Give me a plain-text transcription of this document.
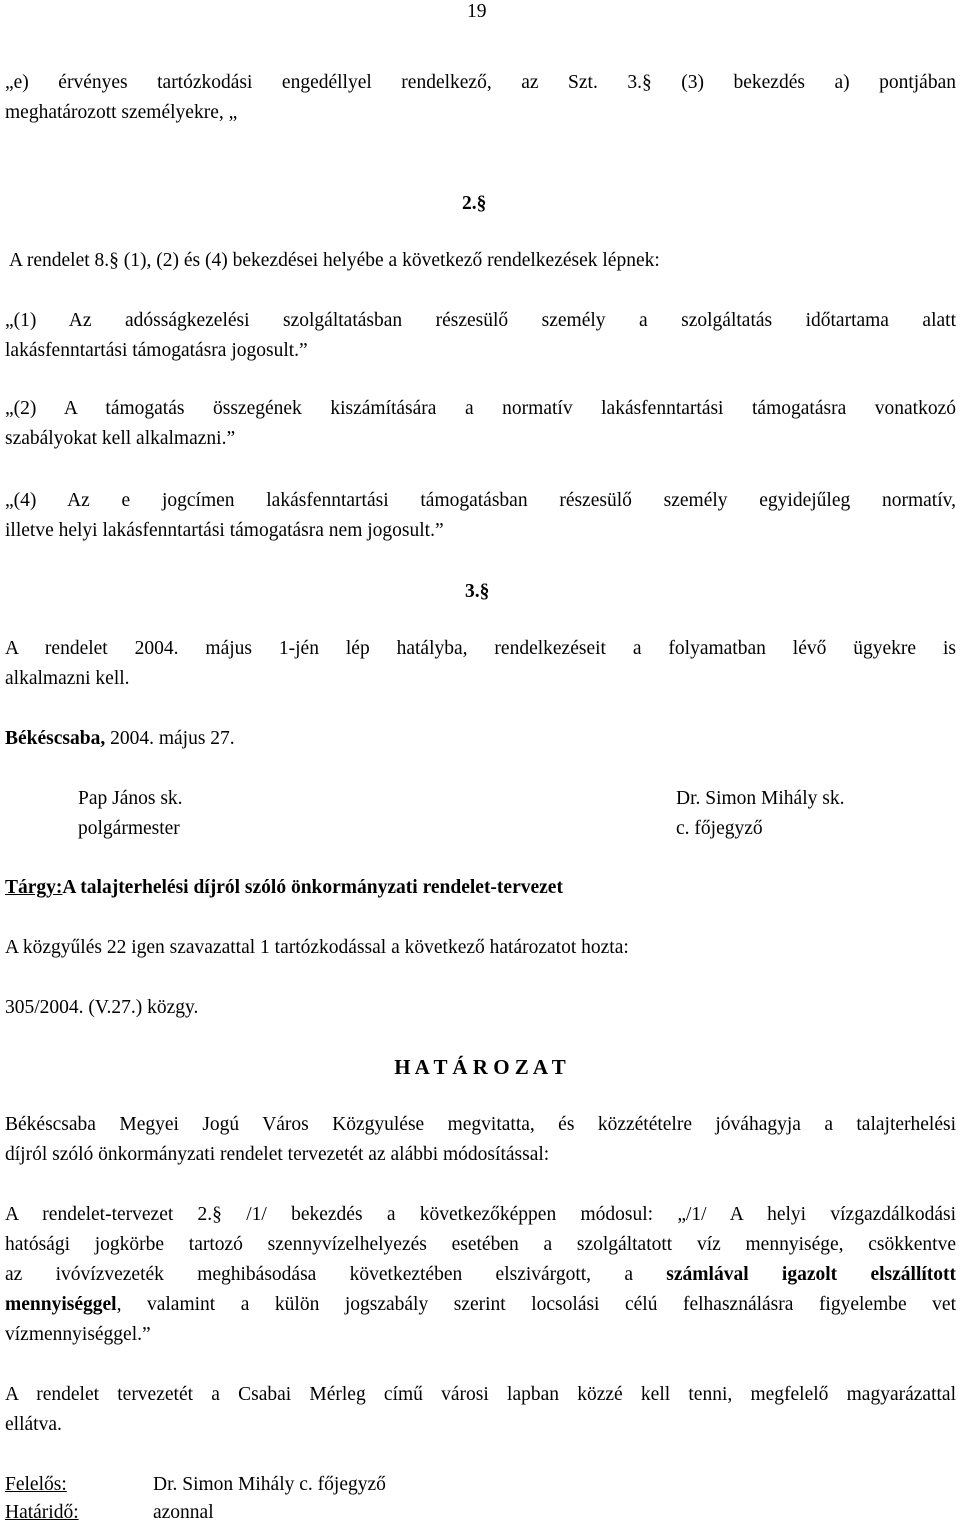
19
„e) érvényes tartózkodási engedéllyel rendelkező, az Szt. 3.§ (3) bekezdés a) pontjában
meghatározott személyekre, „
2.§
A rendelet 8.§ (1), (2) és (4) bekezdései helyébe a következő rendelkezések lépnek:
„(1) Az adósságkezelési szolgáltatásban részesülő személy a szolgáltatás időtartama alatt
lakásfenntartási támogatásra jogosult.”
„(2) A támogatás összegének kiszámítására a normatív lakásfenntartási támogatásra vonatkozó
szabályokat kell alkalmazni.”
„(4) Az e jogcímen lakásfenntartási támogatásban részesülő személy egyidejűleg normatív,
illetve helyi lakásfenntartási támogatásra nem jogosult.”
3.§
A rendelet 2004. május 1-jén lép hatályba, rendelkezéseit a folyamatban lévő ügyekre is
alkalmazni kell.
Békéscsaba, 2004. május 27.
Pap János sk.
polgármester
Dr. Simon Mihály sk.
c. főjegyző
Tárgy:A talajterhelési díjról szóló önkormányzati rendelet-tervezet
A közgyűlés 22 igen szavazattal 1 tartózkodással a következő határozatot hozta:
305/2004. (V.27.) közgy.
H A T Á R O Z A T
Békéscsaba Megyei Jogú Város Közgyulése megvitatta, és közzétételre jóváhagyja a talajterhelési
díjról szóló önkormányzati rendelet tervezetét az alábbi módosítással:
A rendelet-tervezet 2.§ /1/ bekezdés a következőképpen módosul: „/1/ A helyi vízgazdálkodási
hatósági jogkörbe tartozó szennyvízelhelyezés esetében a szolgáltatott víz mennyisége, csökkentve
az ivóvízvezeték meghibásodása következtében elszivárgott, a számlával igazolt elszállított
mennyiséggel, valamint a külön jogszabály szerint locsolási célú felhasználásra figyelembe vet
vízmennyiséggel.”
A rendelet tervezetét a Csabai Mérleg című városi lapban közzé kell tenni, megfelelő magyarázattal
ellátva.
Felelős:	Dr. Simon Mihály c. főjegyző
Határidő:	azonnal
